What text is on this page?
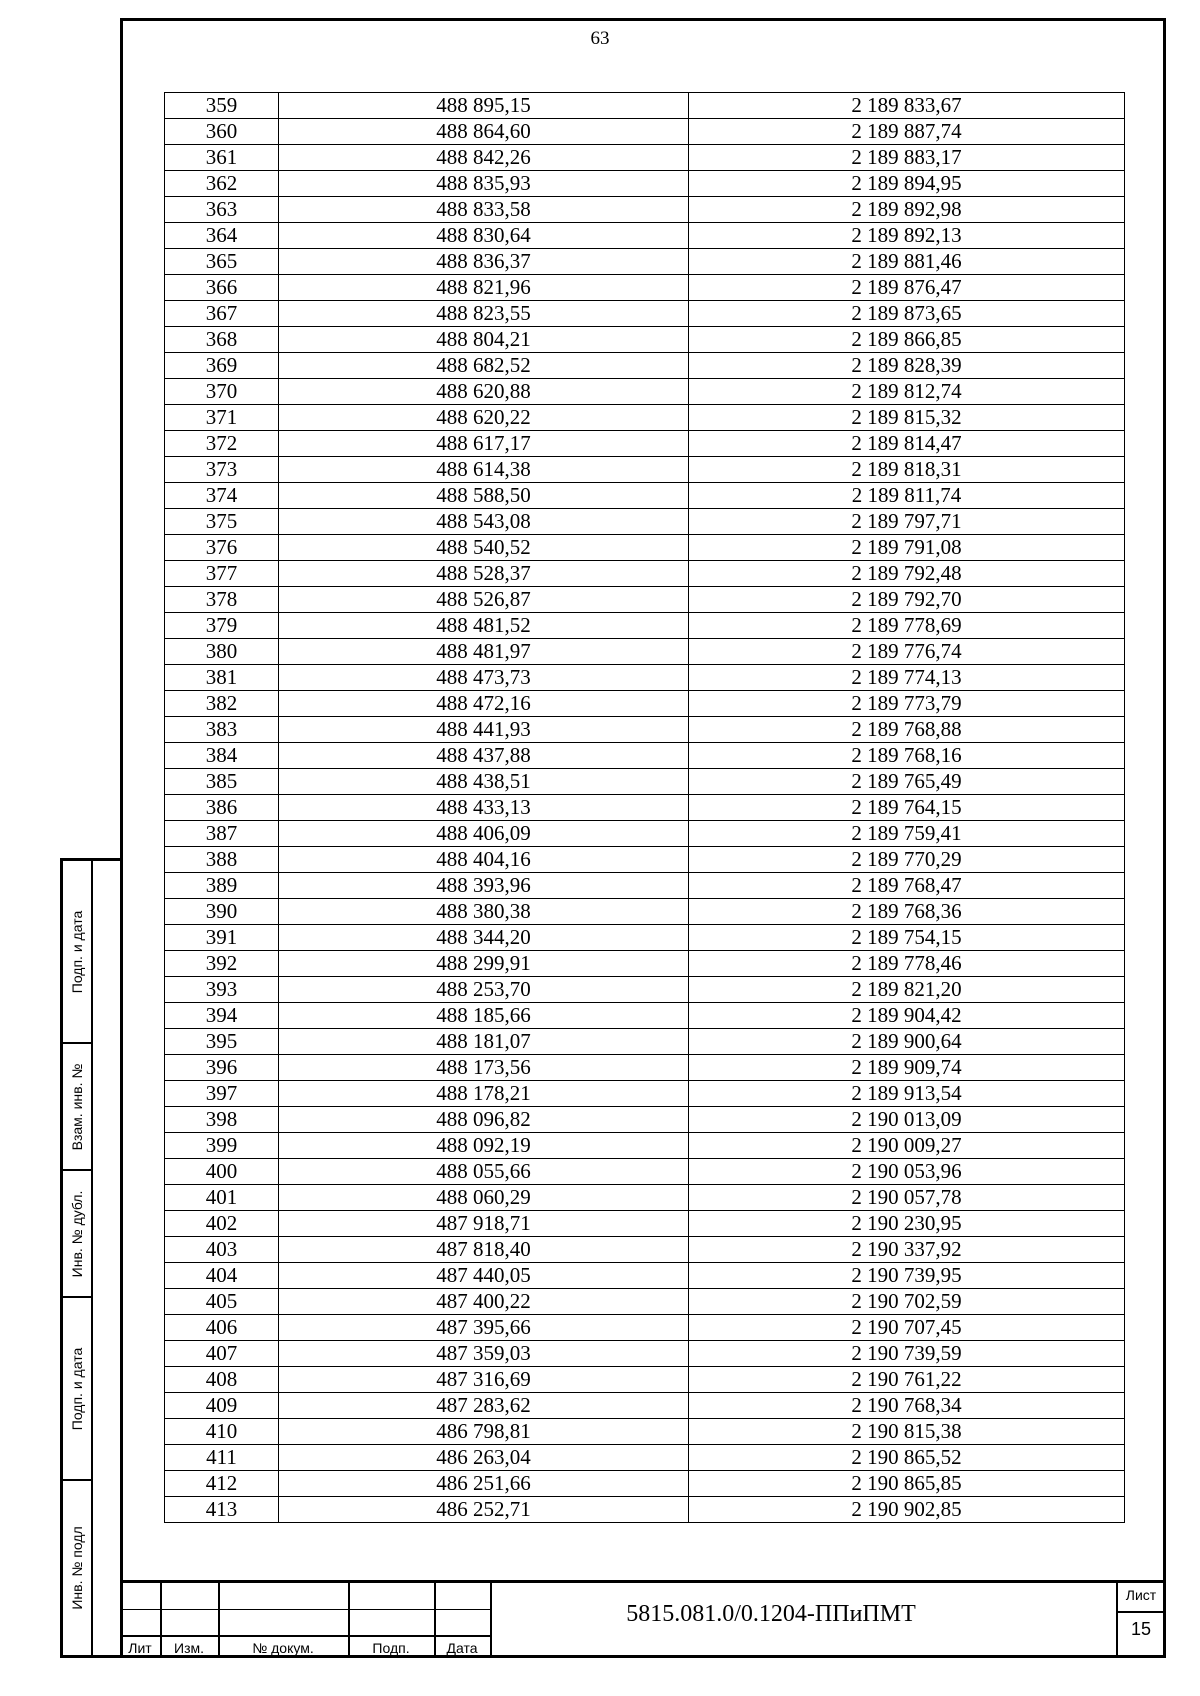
63
359	488 895,15	2 189 833,67
360	488 864,60	2 189 887,74
361	488 842,26	2 189 883,17
362	488 835,93	2 189 894,95
363	488 833,58	2 189 892,98
364	488 830,64	2 189 892,13
365	488 836,37	2 189 881,46
366	488 821,96	2 189 876,47
367	488 823,55	2 189 873,65
368	488 804,21	2 189 866,85
369	488 682,52	2 189 828,39
370	488 620,88	2 189 812,74
371	488 620,22	2 189 815,32
372	488 617,17	2 189 814,47
373	488 614,38	2 189 818,31
374	488 588,50	2 189 811,74
375	488 543,08	2 189 797,71
376	488 540,52	2 189 791,08
377	488 528,37	2 189 792,48
378	488 526,87	2 189 792,70
379	488 481,52	2 189 778,69
380	488 481,97	2 189 776,74
381	488 473,73	2 189 774,13
382	488 472,16	2 189 773,79
383	488 441,93	2 189 768,88
384	488 437,88	2 189 768,16
385	488 438,51	2 189 765,49
386	488 433,13	2 189 764,15
387	488 406,09	2 189 759,41
388	488 404,16	2 189 770,29
389	488 393,96	2 189 768,47
390	488 380,38	2 189 768,36
391	488 344,20	2 189 754,15
392	488 299,91	2 189 778,46
393	488 253,70	2 189 821,20
394	488 185,66	2 189 904,42
395	488 181,07	2 189 900,64
396	488 173,56	2 189 909,74
397	488 178,21	2 189 913,54
398	488 096,82	2 190 013,09
399	488 092,19	2 190 009,27
400	488 055,66	2 190 053,96
401	488 060,29	2 190 057,78
402	487 918,71	2 190 230,95
403	487 818,40	2 190 337,92
404	487 440,05	2 190 739,95
405	487 400,22	2 190 702,59
406	487 395,66	2 190 707,45
407	487 359,03	2 190 739,59
408	487 316,69	2 190 761,22
409	487 283,62	2 190 768,34
410	486 798,81	2 190 815,38
411	486 263,04	2 190 865,52
412	486 251,66	2 190 865,85
413	486 252,71	2 190 902,85
Подп. и дата
Взам. инв. №
Инв. № дубл.
Подп. и дата
Инв. № подл
Лит	Изм.	№ докум.	Подп.	Дата
5815.081.0/0.1204-ППиПМТ
Лист
15
